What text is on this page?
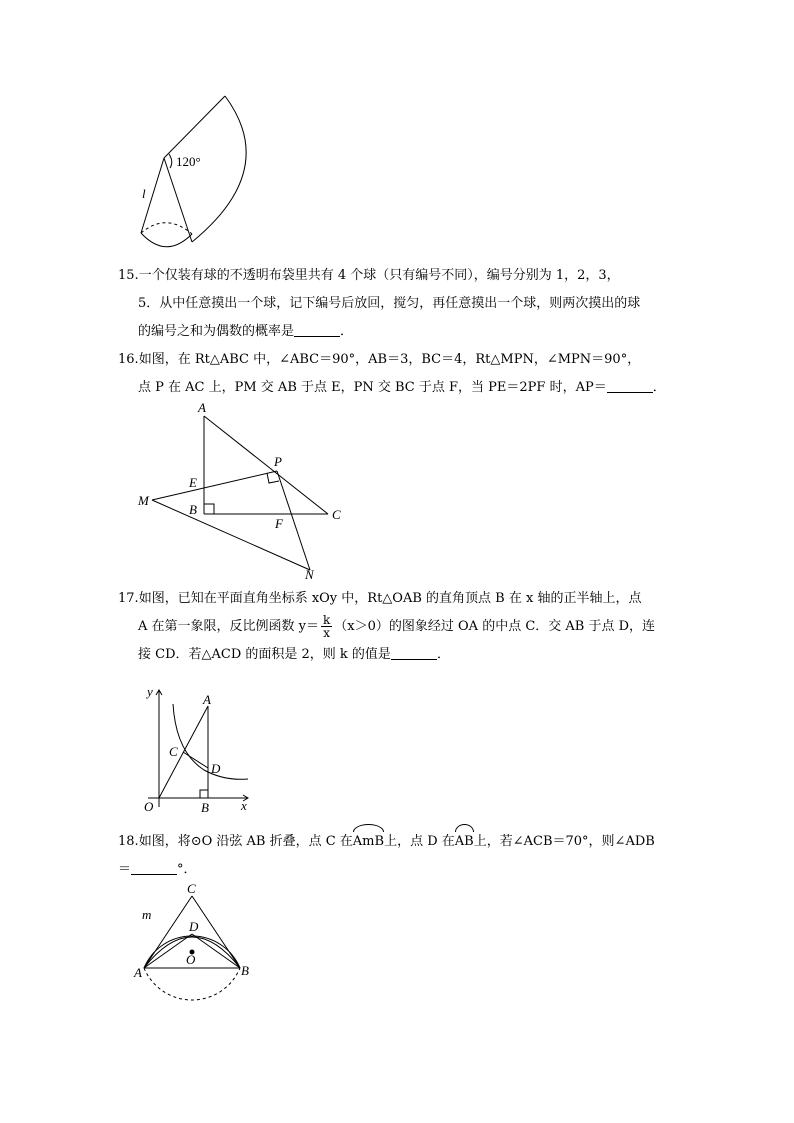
120°
l
15.一个仅装有球的不透明布袋里共有 4 个球（只有编号不同），编号分别为 1，2，3，
5．从中任意摸出一个球，记下编号后放回，搅匀，再任意摸出一个球，则两次摸出的球
的编号之和为偶数的概率是	．
16.如图，在 Rt△ABC 中，∠ABC＝90°，AB＝3，BC＝4，Rt△MPN，∠MPN＝90°，
点 P 在 AC 上，PM 交 AB 于点 E，PN 交 BC 于点 F，当 PE＝2PF 时，AP＝	．
A
B	C
E
F
M
N
P
17.如图，已知在平面直角坐标系 xOy 中，Rt△OAB 的直角顶点 B 在 x 轴的正半轴上，点
A 在第一象限，反比例函数 $y= \frac{k}{x} (x>0)$的图象经过 OA 的中点 C．交 AB 于点 D，连
接 CD．若△ACD 的面积是 2，则 k 的值是	．
y
x
O
A
B
C
D
18.如图，将⊙O 沿弦 AB 折叠，点 C 在AmB上，点 D 在AB上，若∠ACB＝70°，则∠ADB
＝	°．
C
D
O
A	B
m
